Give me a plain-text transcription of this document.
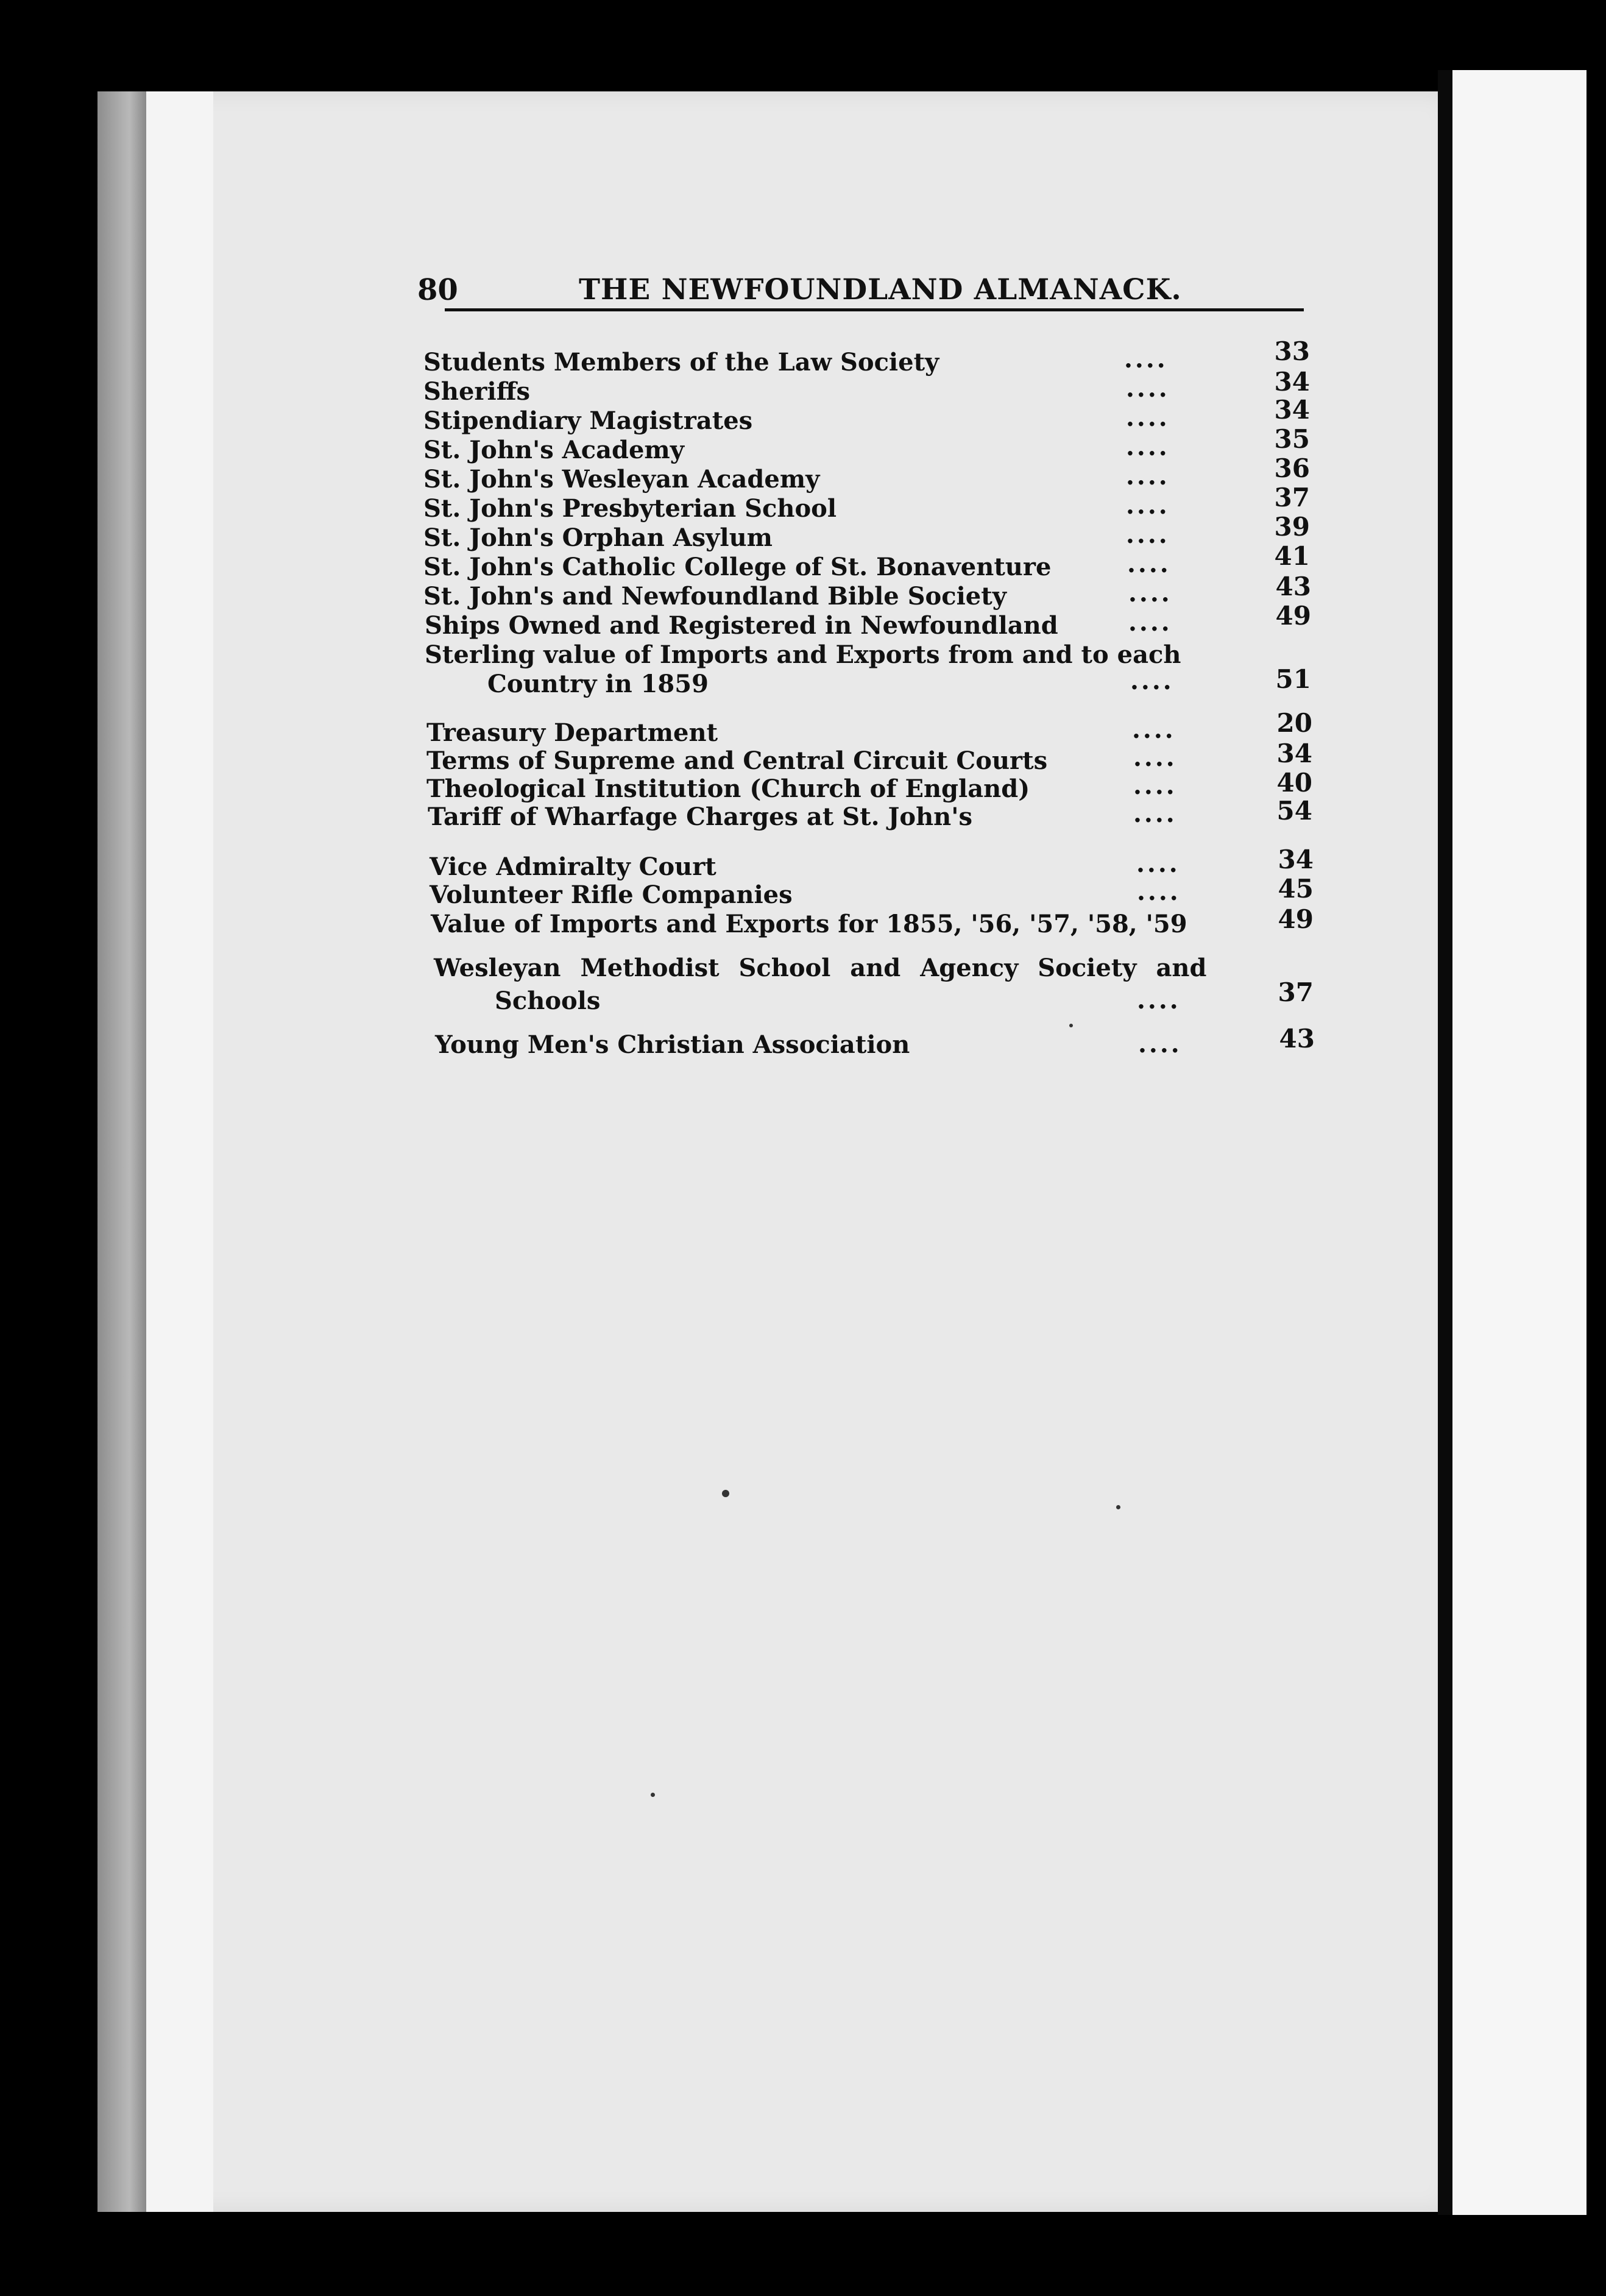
80	THE NEWFOUNDLAND ALMANACK.
Students Members of the Law Society	....	33
Sheriffs	....	34
Stipendiary Magistrates	....	34
St. John's Academy	....	35
St. John's Wesleyan Academy	....	36
St. John's Presbyterian School	....	37
St. John's Orphan Asylum	....	39
St. John's Catholic College of St. Bonaventure	....	41
St. John's and Newfoundland Bible Society	....	43
Ships Owned and Registered in Newfoundland	....	49
Sterling value of Imports and Exports from and to each
Country in 1859	....	51
Treasury Department	....	20
Terms of Supreme and Central Circuit Courts	....	34
Theological Institution (Church of England)	....	40
Tariff of Wharfage Charges at St. John's	....	54
Vice Admiralty Court	....	34
Volunteer Rifle Companies	....	45
Value of Imports and Exports for 1855, '56, '57, '58, '59	49
Wesleyan Methodist School and Agency Society and
Schools	....	37
Young Men's Christian Association	....	43
